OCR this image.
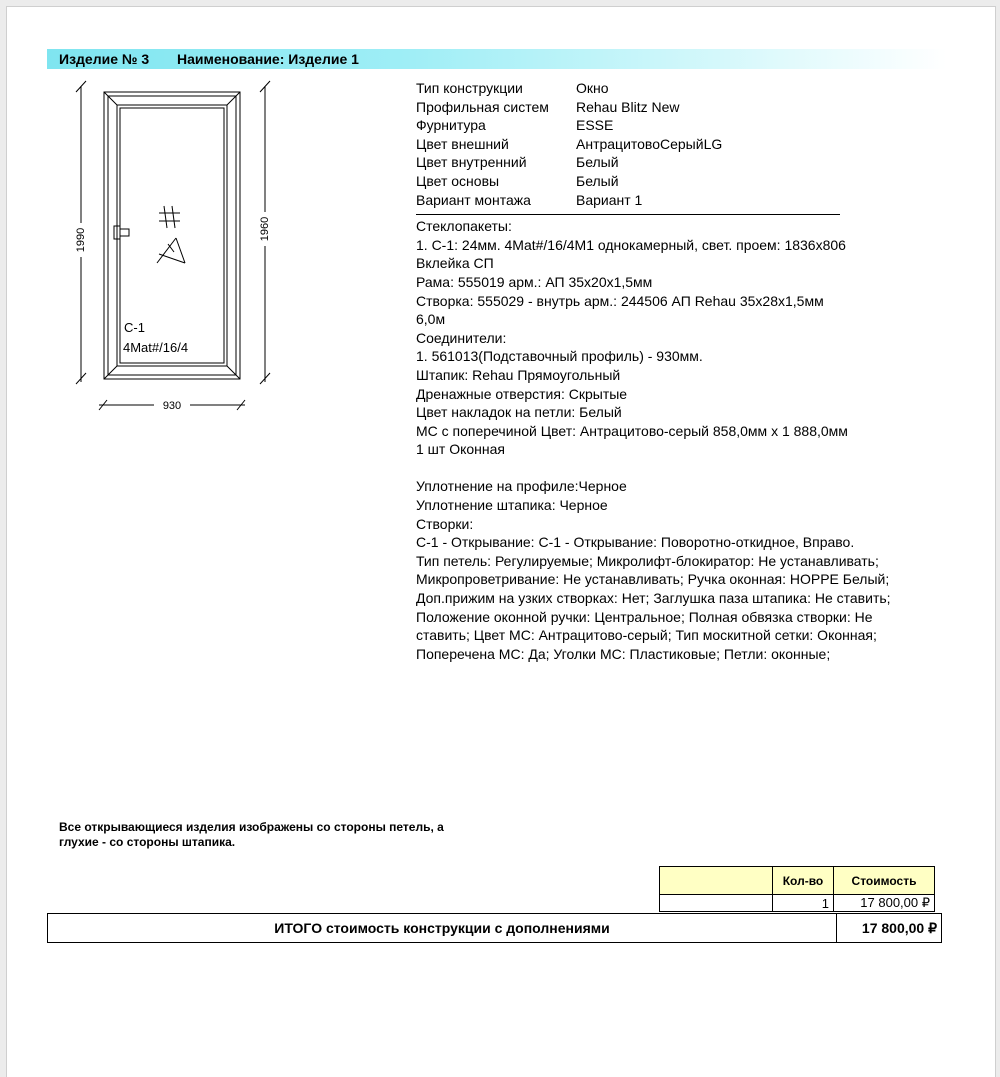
Изделие № 3 Наименование: Изделие 1
1990	1960
930
С-1
4Mat#/16/4
Тип конструкции	Окно
Профильная систем	Rehau Blitz New
Фурнитура	ESSE
Цвет внешний	АнтрацитовоСерыйLG
Цвет внутренний	Белый
Цвет основы	Белый
Вариант монтажа	Вариант 1
Стеклопакеты:
1. С-1: 24мм. 4Mat#/16/4М1 однокамерный, свет. проем: 1836x806
Вклейка СП
Рама: 555019 арм.: АП 35х20х1,5мм
Створка: 555029 - внутрь арм.: 244506 АП Rehau 35x28x1,5мм
6,0м
Соединители:
1. 561013(Подставочный профиль) - 930мм.
Штапик: Rehau Прямоугольный
Дренажные отверстия: Скрытые
Цвет накладок на петли: Белый
МС с поперечиной Цвет: Антрацитово-серый 858,0мм x 1 888,0мм
1 шт Оконная
Уплотнение на профиле:Черное
Уплотнение штапика: Черное
Створки:
С-1 - Открывание: С-1 - Открывание: Поворотно-откидное, Вправо.
Тип петель: Регулируемые; Микролифт-блокиратор: Не устанавливать; Микропроветривание: Не устанавливать; Ручка оконная: HOPPE Белый; Доп.прижим на узких створках: Нет; Заглушка паза штапика: Не ставить; Положение оконной ручки: Центральное; Полная обвязка створки: Не ставить; Цвет МС: Антрацитово-серый; Тип москитной сетки: Оконная; Поперечена МС: Да; Уголки МС: Пластиковые; Петли: оконные;
Все открывающиеся изделия изображены со стороны петель, а глухие - со стороны штапика.
	Кол-во	Стоимость
	1	17 800,00 ₽
ИТОГО стоимость конструкции с дополнениями	17 800,00 ₽
